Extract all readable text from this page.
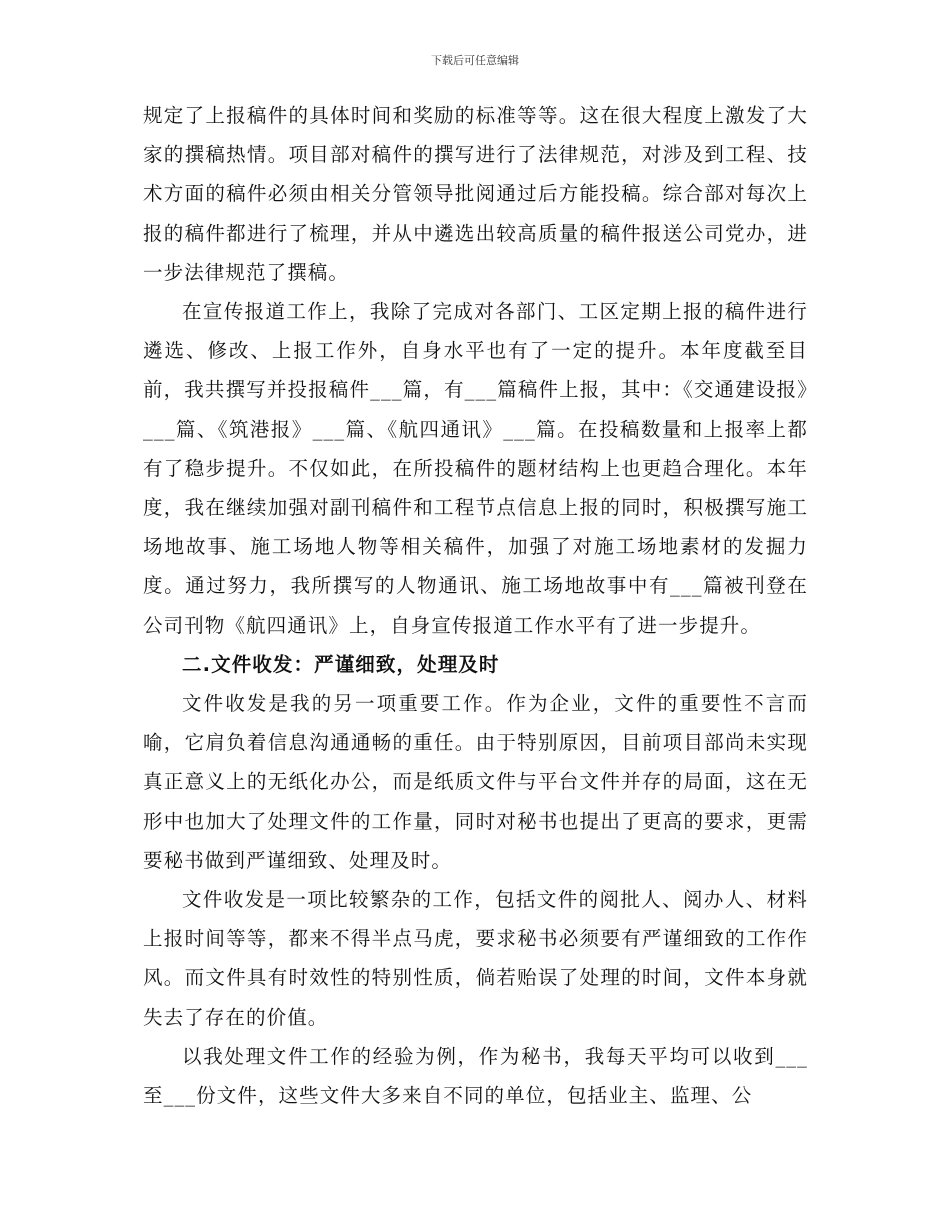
下载后可任意编辑

规定了上报稿件的具体时间和奖励的标准等等。这在很大程度上激发了大家的撰稿热情。项目部对稿件的撰写进行了法律规范，对涉及到工程、技术方面的稿件必须由相关分管领导批阅通过后方能投稿。综合部对每次上报的稿件都进行了梳理，并从中遴选出较高质量的稿件报送公司党办，进一步法律规范了撰稿。

在宣传报道工作上，我除了完成对各部门、工区定期上报的稿件进行遴选、修改、上报工作外，自身水平也有了一定的提升。本年度截至目前，我共撰写并投报稿件___篇，有___篇稿件上报，其中：《交通建设报》___篇、《筑港报》___篇、《航四通讯》___篇。在投稿数量和上报率上都有了稳步提升。不仅如此，在所投稿件的题材结构上也更趋合理化。本年度，我在继续加强对副刊稿件和工程节点信息上报的同时，积极撰写施工场地故事、施工场地人物等相关稿件，加强了对施工场地素材的发掘力度。通过努力，我所撰写的人物通讯、施工场地故事中有___篇被刊登在公司刊物《航四通讯》上，自身宣传报道工作水平有了进一步提升。

二.文件收发：严谨细致，处理及时

文件收发是我的另一项重要工作。作为企业，文件的重要性不言而喻，它肩负着信息沟通通畅的重任。由于特别原因，目前项目部尚未实现真正意义上的无纸化办公，而是纸质文件与平台文件并存的局面，这在无形中也加大了处理文件的工作量，同时对秘书也提出了更高的要求，更需要秘书做到严谨细致、处理及时。

文件收发是一项比较繁杂的工作，包括文件的阅批人、阅办人、材料上报时间等等，都来不得半点马虎，要求秘书必须要有严谨细致的工作作风。而文件具有时效性的特别性质，倘若贻误了处理的时间，文件本身就失去了存在的价值。

以我处理文件工作的经验为例，作为秘书，我每天平均可以收到___至___份文件，这些文件大多来自不同的单位，包括业主、监理、公
